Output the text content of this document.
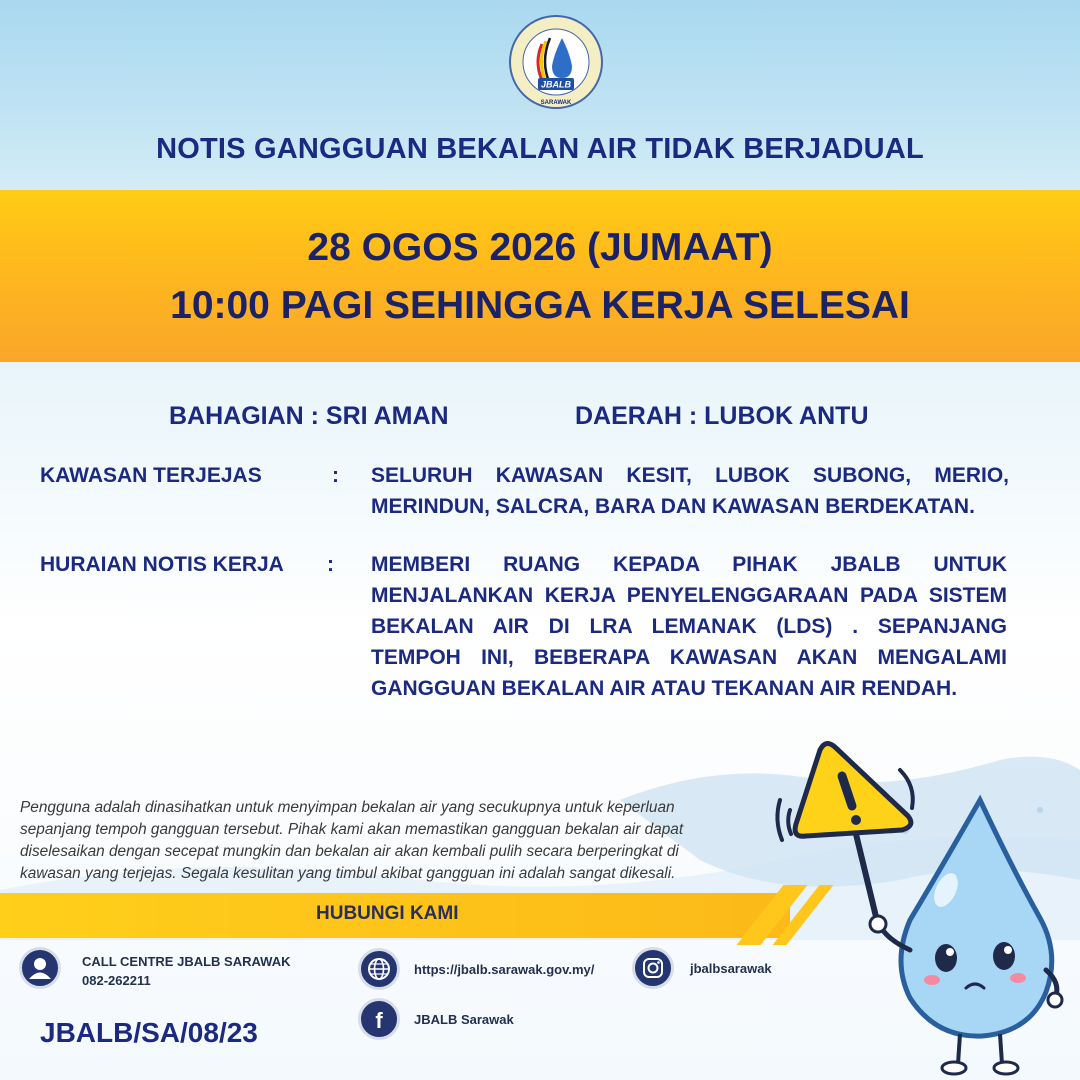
JBALB
SARAWAK
NOTIS GANGGUAN BEKALAN AIR TIDAK BERJADUAL
28 OGOS 2026 (JUMAAT)
10:00 PAGI SEHINGGA KERJA SELESAI
BAHAGIAN : SRI AMAN	DAERAH : LUBOK ANTU
KAWASAN TERJEJAS	: SELURUH KAWASAN KESIT, LUBOK SUBONG, MERIO,
MERINDUN, SALCRA, BARA DAN KAWASAN BERDEKATAN.
HURAIAN NOTIS KERJA : MEMBERI RUANG KEPADA PIHAK JBALB UNTUK
MENJALANKAN KERJA PENYELENGGARAAN PADA SISTEM
BEKALAN AIR DI LRA LEMANAK (LDS) . SEPANJANG
TEMPOH INI, BEBERAPA KAWASAN AKAN MENGALAMI
GANGGUAN BEKALAN AIR ATAU TEKANAN AIR RENDAH.
Pengguna adalah dinasihatkan untuk menyimpan bekalan air yang secukupnya untuk keperluan
sepanjang tempoh gangguan tersebut. Pihak kami akan memastikan gangguan bekalan air dapat
diselesaikan dengan secepat mungkin dan bekalan air akan kembali pulih secara berperingkat di
kawasan yang terjejas. Segala kesulitan yang timbul akibat gangguan ini adalah sangat dikesali.
HUBUNGI KAMI
CALL CENTRE JBALB SARAWAK
082-262211
https://jbalb.sarawak.gov.my/
f JBALB Sarawak
jbalbsarawak
JBALB/SA/08/23
